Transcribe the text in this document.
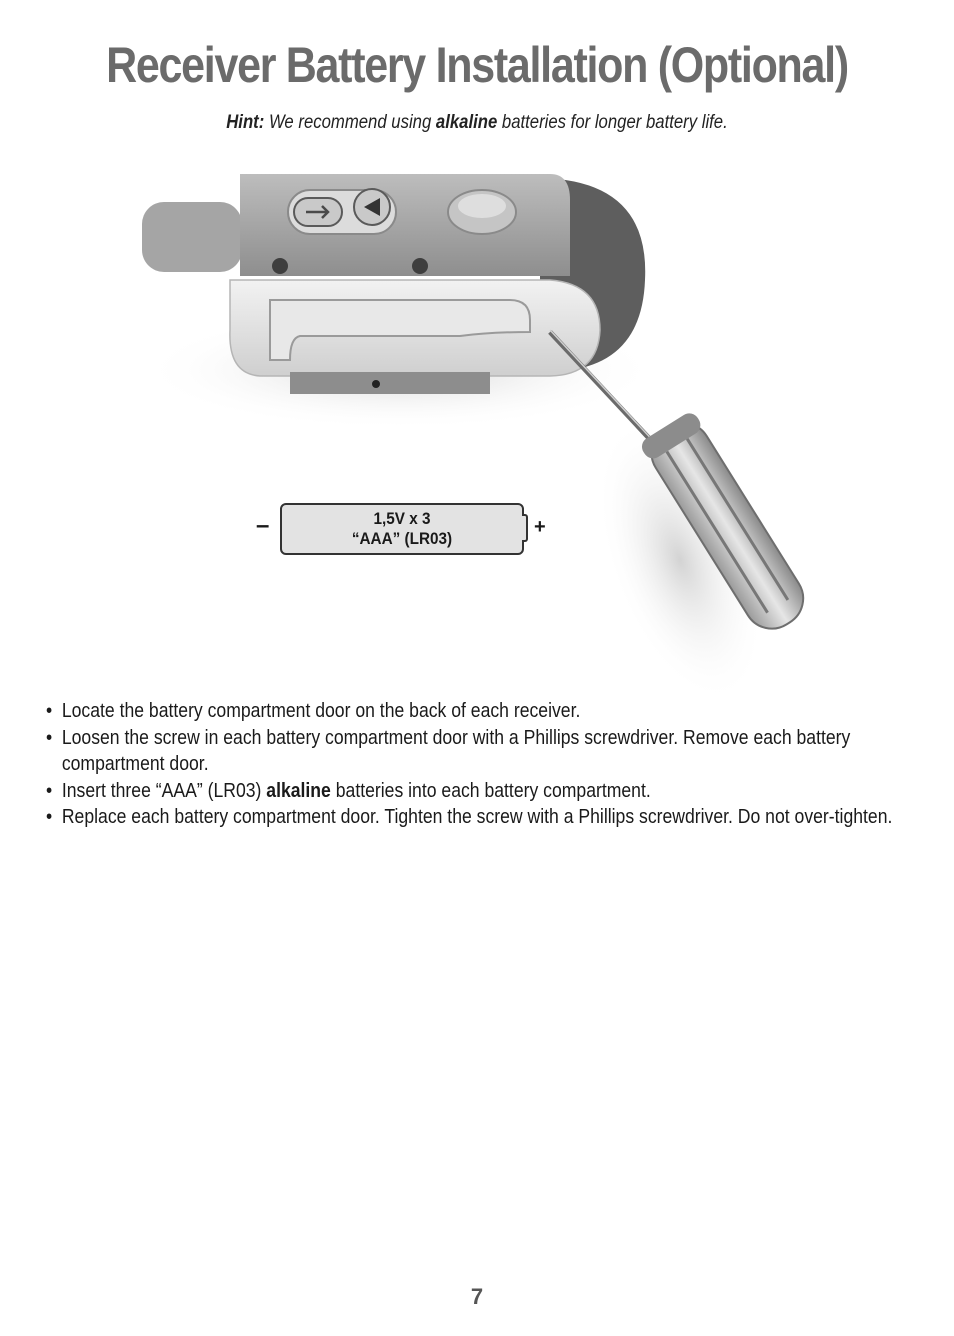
Receiver Battery Installation (Optional)
Hint: We recommend using alkaline batteries for longer battery life.
–	1,5V x 3
“AAA” (LR03)
+
• Locate the battery compartment door on the back of each receiver.
• Loosen the screw in each battery compartment door with a Phillips screwdriver. Remove each battery compartment door.
• Insert three “AAA” (LR03) alkaline batteries into each battery compartment.
• Replace each battery compartment door. Tighten the screw with a Phillips screwdriver. Do not over-tighten.
7
